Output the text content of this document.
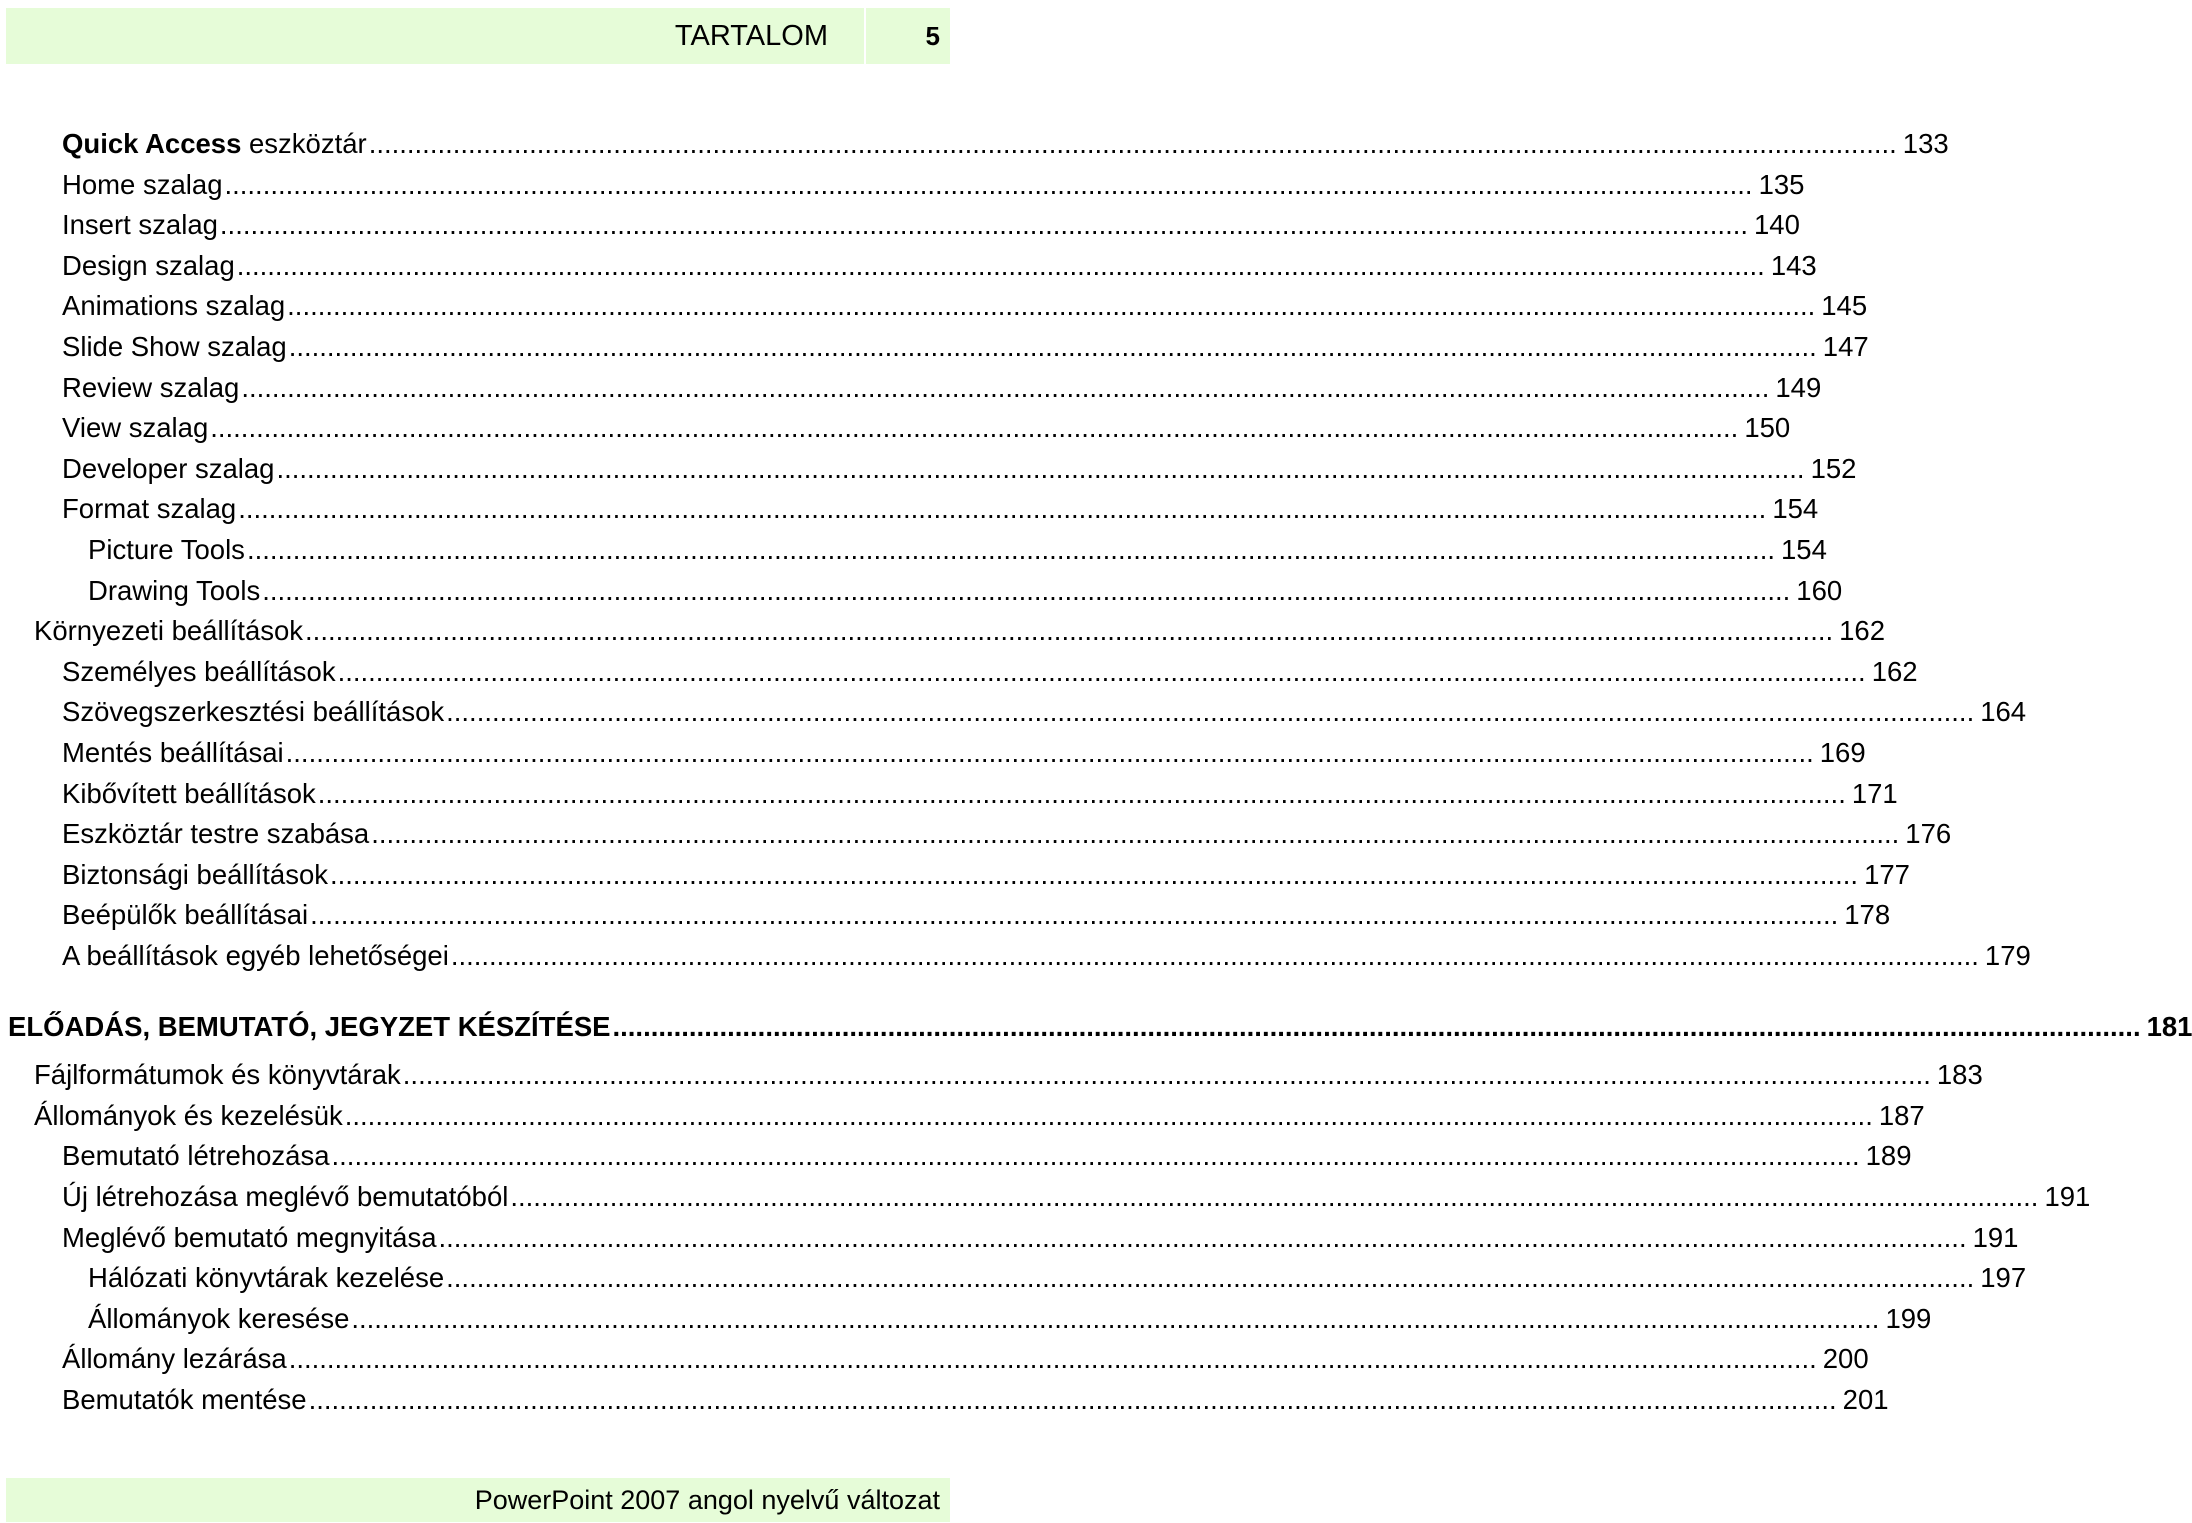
TARTALOM	5
Quick Access eszköztár ........................................................................................................................................................................................................ 133
Home szalag ........................................................................................................................................................................................................ 135
Insert szalag ........................................................................................................................................................................................................ 140
Design szalag ........................................................................................................................................................................................................ 143
Animations szalag ........................................................................................................................................................................................................ 145
Slide Show szalag ........................................................................................................................................................................................................ 147
Review szalag ........................................................................................................................................................................................................ 149
View szalag ........................................................................................................................................................................................................ 150
Developer szalag ........................................................................................................................................................................................................ 152
Format szalag ........................................................................................................................................................................................................ 154
Picture Tools ........................................................................................................................................................................................................ 154
Drawing Tools ........................................................................................................................................................................................................ 160
Környezeti beállítások ........................................................................................................................................................................................................ 162
Személyes beállítások ........................................................................................................................................................................................................ 162
Szövegszerkesztési beállítások ........................................................................................................................................................................................................ 164
Mentés beállításai ........................................................................................................................................................................................................ 169
Kibővített beállítások ........................................................................................................................................................................................................ 171
Eszköztár testre szabása ........................................................................................................................................................................................................ 176
Biztonsági beállítások ........................................................................................................................................................................................................ 177
Beépülők beállításai ........................................................................................................................................................................................................ 178
A beállítások egyéb lehetőségei ........................................................................................................................................................................................................ 179
ELŐADÁS, BEMUTATÓ, JEGYZET KÉSZÍTÉSE ........................................................................................................................................................................................................ 181
Fájlformátumok és könyvtárak ........................................................................................................................................................................................................ 183
Állományok és kezelésük ........................................................................................................................................................................................................ 187
Bemutató létrehozása ........................................................................................................................................................................................................ 189
Új létrehozása meglévő bemutatóból ........................................................................................................................................................................................................ 191
Meglévő bemutató megnyitása ........................................................................................................................................................................................................ 191
Hálózati könyvtárak kezelése ........................................................................................................................................................................................................ 197
Állományok keresése ........................................................................................................................................................................................................ 199
Állomány lezárása ........................................................................................................................................................................................................ 200
Bemutatók mentése ........................................................................................................................................................................................................ 201
PowerPoint 2007 angol nyelvű változat
